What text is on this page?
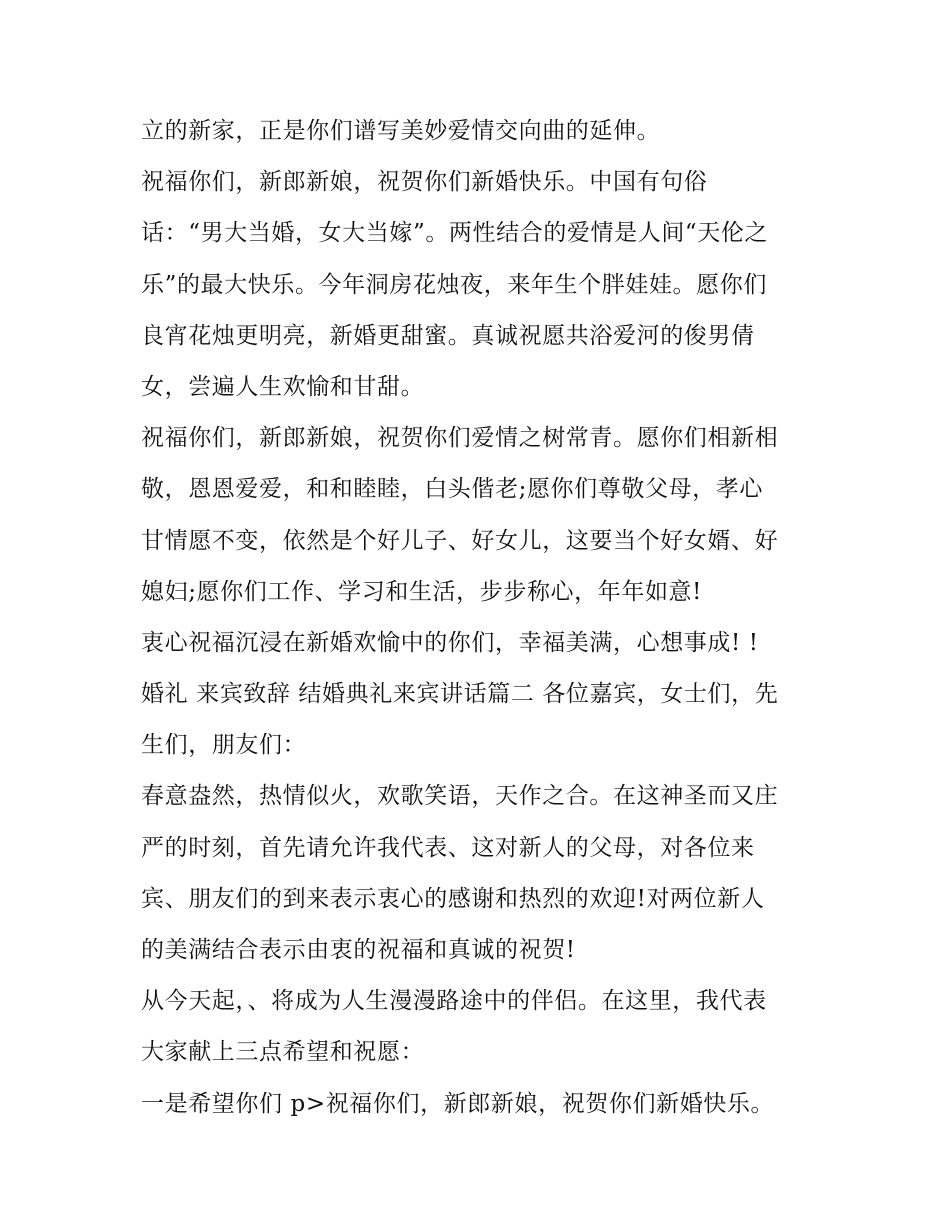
立的新家，正是你们谱写美妙爱情交向曲的延伸。
祝福你们，新郎新娘，祝贺你们新婚快乐。中国有句俗
话：“男大当婚，女大当嫁”。两性结合的爱情是人间“天伦之
乐”的最大快乐。今年洞房花烛夜，来年生个胖娃娃。愿你们
良宵花烛更明亮，新婚更甜蜜。真诚祝愿共浴爱河的俊男倩
女，尝遍人生欢愉和甘甜。
祝福你们，新郎新娘，祝贺你们爱情之树常青。愿你们相新相
敬，恩恩爱爱，和和睦睦，白头偕老;愿你们尊敬父母，孝心
甘情愿不变，依然是个好儿子、好女儿，这要当个好女婿、好
媳妇;愿你们工作、学习和生活，步步称心，年年如意!
衷心祝福沉浸在新婚欢愉中的你们，幸福美满，心想事成! !
婚礼 来宾致辞 结婚典礼来宾讲话篇二 各位嘉宾，女士们，先
生们，朋友们：
春意盎然，热情似火，欢歌笑语，天作之合。在这神圣而又庄
严的时刻，首先请允许我代表、这对新人的父母，对各位来
宾、朋友们的到来表示衷心的感谢和热烈的欢迎!对两位新人
的美满结合表示由衷的祝福和真诚的祝贺!
从今天起，、将成为人生漫漫路途中的伴侣。在这里，我代表
大家献上三点希望和祝愿：
一是希望你们 p>祝福你们，新郎新娘，祝贺你们新婚快乐。
